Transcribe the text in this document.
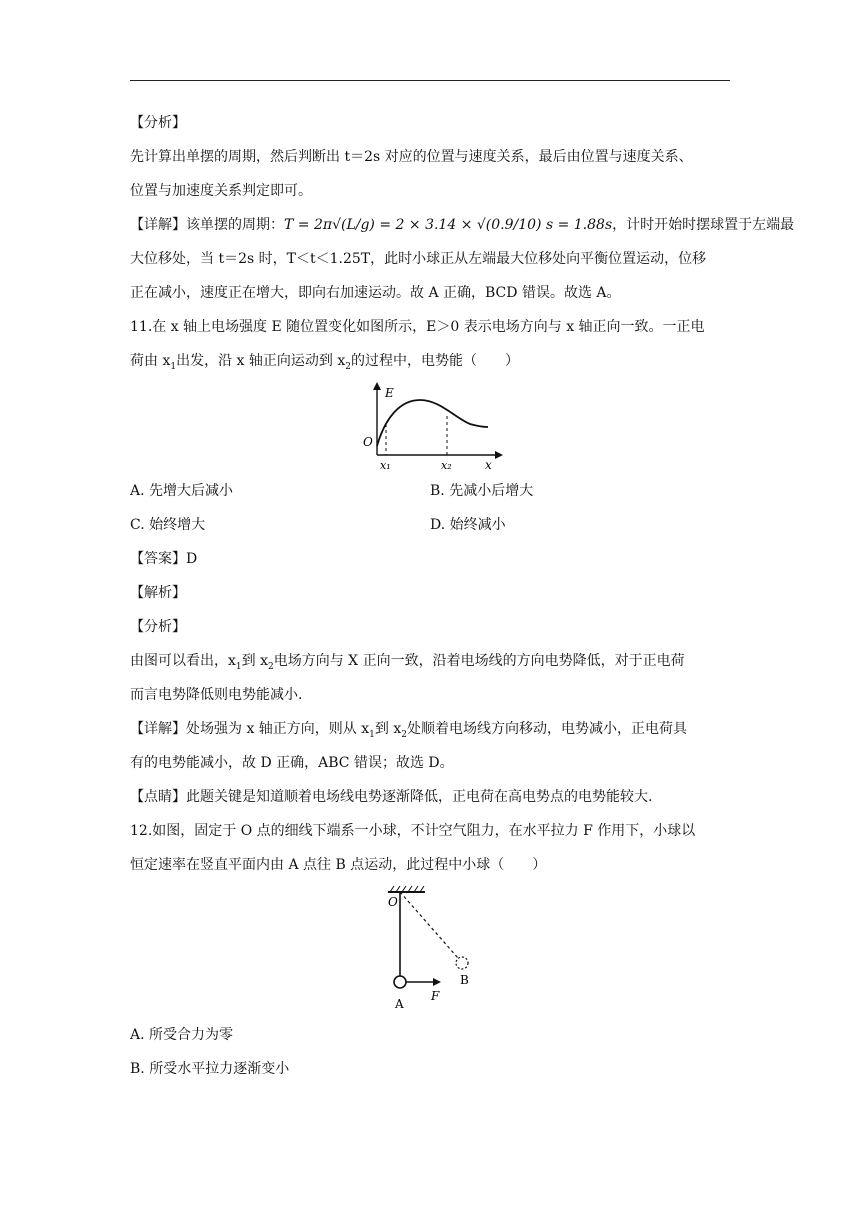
【分析】

先计算出单摆的周期，然后判断出 t＝2s 对应的位置与速度关系，最后由位置与速度关系、

位置与加速度关系判定即可。

【详解】该单摆的周期：T = 2π√(L/g) = 2 × 3.14 × √(0.9/10) s = 1.88s，计时开始时摆球置于左端最

大位移处，当 t＝2s 时，T＜t＜1.25T，此时小球正从左端最大位移处向平衡位置运动，位移

正在减小，速度正在增大，即向右加速运动。故 A 正确，BCD 错误。故选 A。

11.在 x 轴上电场强度 E 随位置变化如图所示，E＞0 表示电场方向与 x 轴正向一致。一正电

荷由 $x_1$出发，沿 x 轴正向运动到 $x_2$的过程中，电势能（　　）

E
O
x₁	x₂	x
A. 先增大后减小	B. 先减小后增大
C. 始终增大	D. 始终减小

【答案】D

【解析】

【分析】

由图可以看出，$x_1$到 $x_2$电场方向与 X 正向一致，沿着电场线的方向电势降低，对于正电荷

而言电势降低则电势能减小.

【详解】处场强为 x 轴正方向，则从 $x_1$到 $x_2$处顺着电场线方向移动，电势减小，正电荷具

有的电势能减小，故 D 正确，ABC 错误；故选 D。

【点睛】此题关键是知道顺着电场线电势逐渐降低，正电荷在高电势点的电势能较大.

12.如图，固定于 O 点的细线下端系一小球，不计空气阻力，在水平拉力 F 作用下，小球以

恒定速率在竖直平面内由 A 点往 B 点运动，此过程中小球（　　）

O
A
B
F

A. 所受合力为零

B. 所受水平拉力逐渐变小
